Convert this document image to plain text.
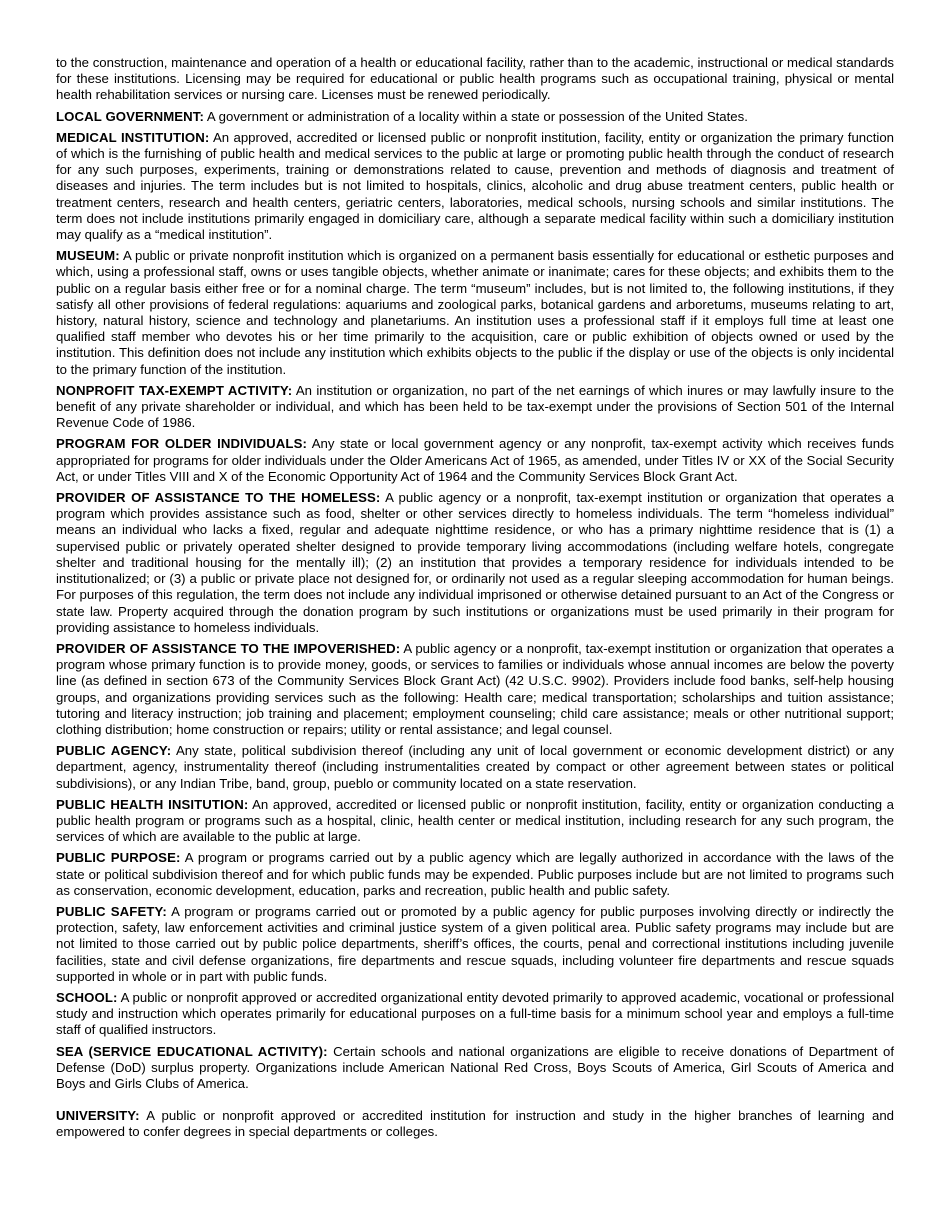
to the construction, maintenance and operation of a health or educational facility, rather than to the academic, instructional or medical standards for these institutions. Licensing may be required for educational or public health programs such as occupational training, physical or mental health rehabilitation services or nursing care. Licenses must be renewed periodically.

LOCAL GOVERNMENT: A government or administration of a locality within a state or possession of the United States.

MEDICAL INSTITUTION: An approved, accredited or licensed public or nonprofit institution, facility, entity or organization the primary function of which is the furnishing of public health and medical services to the public at large or promoting public health through the conduct of research for any such purposes, experiments, training or demonstrations related to cause, prevention and methods of diagnosis and treatment of diseases and injuries. The term includes but is not limited to hospitals, clinics, alcoholic and drug abuse treatment centers, public health or treatment centers, research and health centers, geriatric centers, laboratories, medical schools, nursing schools and similar institutions. The term does not include institutions primarily engaged in domiciliary care, although a separate medical facility within such a domiciliary institution may qualify as a “medical institution”.

MUSEUM: A public or private nonprofit institution which is organized on a permanent basis essentially for educational or esthetic purposes and which, using a professional staff, owns or uses tangible objects, whether animate or inanimate; cares for these objects; and exhibits them to the public on a regular basis either free or for a nominal charge. The term “museum” includes, but is not limited to, the following institutions, if they satisfy all other provisions of federal regulations: aquariums and zoological parks, botanical gardens and arboretums, museums relating to art, history, natural history, science and technology and planetariums. An institution uses a professional staff if it employs full time at least one qualified staff member who devotes his or her time primarily to the acquisition, care or public exhibition of objects owned or used by the institution. This definition does not include any institution which exhibits objects to the public if the display or use of the objects is only incidental to the primary function of the institution.

NONPROFIT TAX-EXEMPT ACTIVITY: An institution or organization, no part of the net earnings of which inures or may lawfully insure to the benefit of any private shareholder or individual, and which has been held to be tax-exempt under the provisions of Section 501 of the Internal Revenue Code of 1986.

PROGRAM FOR OLDER INDIVIDUALS: Any state or local government agency or any nonprofit, tax-exempt activity which receives funds appropriated for programs for older individuals under the Older Americans Act of 1965, as amended, under Titles IV or XX of the Social Security Act, or under Titles VIII and X of the Economic Opportunity Act of 1964 and the Community Services Block Grant Act.

PROVIDER OF ASSISTANCE TO THE HOMELESS: A public agency or a nonprofit, tax-exempt institution or organization that operates a program which provides assistance such as food, shelter or other services directly to homeless individuals. The term “homeless individual” means an individual who lacks a fixed, regular and adequate nighttime residence, or who has a primary nighttime residence that is (1) a supervised public or privately operated shelter designed to provide temporary living accommodations (including welfare hotels, congregate shelter and traditional housing for the mentally ill); (2) an institution that provides a temporary residence for individuals intended to be institutionalized; or (3) a public or private place not designed for, or ordinarily not used as a regular sleeping accommodation for human beings. For purposes of this regulation, the term does not include any individual imprisoned or otherwise detained pursuant to an Act of the Congress or state law. Property acquired through the donation program by such institutions or organizations must be used primarily in their program for providing assistance to homeless individuals.

PROVIDER OF ASSISTANCE TO THE IMPOVERISHED: A public agency or a nonprofit, tax-exempt institution or organization that operates a program whose primary function is to provide money, goods, or services to families or individuals whose annual incomes are below the poverty line (as defined in section 673 of the Community Services Block Grant Act) (42 U.S.C. 9902). Providers include food banks, self-help housing groups, and organizations providing services such as the following: Health care; medical transportation; scholarships and tuition assistance; tutoring and literacy instruction; job training and placement; employment counseling; child care assistance; meals or other nutritional support; clothing distribution; home construction or repairs; utility or rental assistance; and legal counsel.

PUBLIC AGENCY: Any state, political subdivision thereof (including any unit of local government or economic development district) or any department, agency, instrumentality thereof (including instrumentalities created by compact or other agreement between states or political subdivisions), or any Indian Tribe, band, group, pueblo or community located on a state reservation.

PUBLIC HEALTH INSITUTION: An approved, accredited or licensed public or nonprofit institution, facility, entity or organization conducting a public health program or programs such as a hospital, clinic, health center or medical institution, including research for any such program, the services of which are available to the public at large.

PUBLIC PURPOSE: A program or programs carried out by a public agency which are legally authorized in accordance with the laws of the state or political subdivision thereof and for which public funds may be expended. Public purposes include but are not limited to programs such as conservation, economic development, education, parks and recreation, public health and public safety.

PUBLIC SAFETY: A program or programs carried out or promoted by a public agency for public purposes involving directly or indirectly the protection, safety, law enforcement activities and criminal justice system of a given political area. Public safety programs may include but are not limited to those carried out by public police departments, sheriff’s offices, the courts, penal and correctional institutions including juvenile facilities, state and civil defense organizations, fire departments and rescue squads, including volunteer fire departments and rescue squads supported in whole or in part with public funds.

SCHOOL: A public or nonprofit approved or accredited organizational entity devoted primarily to approved academic, vocational or professional study and instruction which operates primarily for educational purposes on a full-time basis for a minimum school year and employs a full-time staff of qualified instructors.

SEA (SERVICE EDUCATIONAL ACTIVITY): Certain schools and national organizations are eligible to receive donations of Department of Defense (DoD) surplus property. Organizations include American National Red Cross, Boys Scouts of America, Girl Scouts of America and Boys and Girls Clubs of America.

UNIVERSITY: A public or nonprofit approved or accredited institution for instruction and study in the higher branches of learning and empowered to confer degrees in special departments or colleges.
